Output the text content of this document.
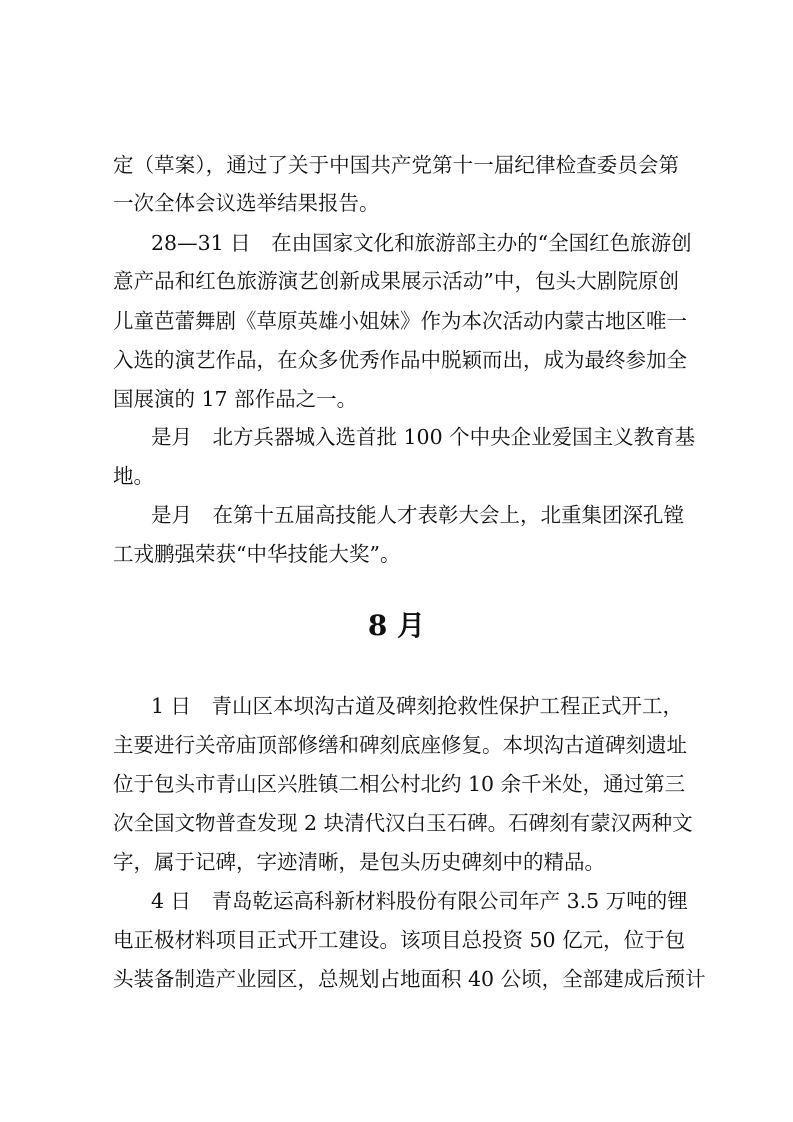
定（草案），通过了关于中国共产党第十一届纪律检查委员会第
一次全体会议选举结果报告。
28—31 日　在由国家文化和旅游部主办的“全国红色旅游创
意产品和红色旅游演艺创新成果展示活动”中，包头大剧院原创
儿童芭蕾舞剧《草原英雄小姐妹》作为本次活动内蒙古地区唯一
入选的演艺作品，在众多优秀作品中脱颖而出，成为最终参加全
国展演的 17 部作品之一。
是月　北方兵器城入选首批 100 个中央企业爱国主义教育基
地。
是月　在第十五届高技能人才表彰大会上，北重集团深孔镗
工戎鹏强荣获“中华技能大奖”。
8 月
1 日　青山区本坝沟古道及碑刻抢救性保护工程正式开工，
主要进行关帝庙顶部修缮和碑刻底座修复。本坝沟古道碑刻遗址
位于包头市青山区兴胜镇二相公村北约 10 余千米处，通过第三
次全国文物普查发现 2 块清代汉白玉石碑。石碑刻有蒙汉两种文
字，属于记碑，字迹清晰，是包头历史碑刻中的精品。
4 日　青岛乾运高科新材料股份有限公司年产 3.5 万吨的锂
电正极材料项目正式开工建设。该项目总投资 50 亿元，位于包
头装备制造产业园区，总规划占地面积 40 公顷，全部建成后预计
